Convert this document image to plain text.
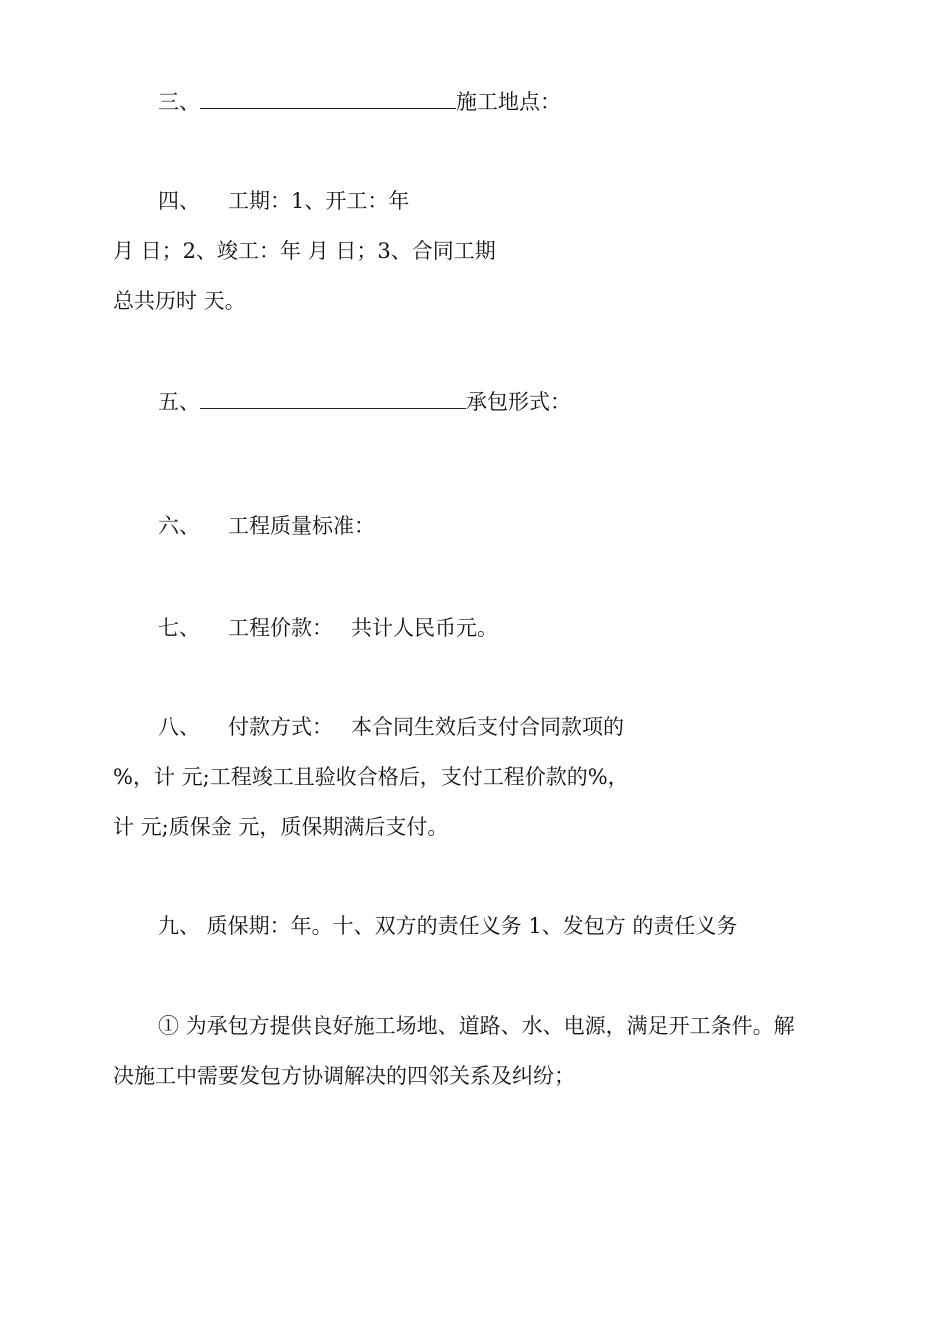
三、	施工地点：
四、 工期：1、开工：年
月 日；2、竣工：年 月 日；3、合同工期
总共历时 天。
五、	承包形式：
六、 工程质量标准：
七、 工程价款： 共计人民币元。
八、 付款方式： 本合同生效后支付合同款项的
%，计 元;工程竣工且验收合格后，支付工程价款的%，
计 元;质保金 元，质保期满后支付。
九、 质保期：年。十、双方的责任义务 1、发包方 的责任义务
① 为承包方提供良好施工场地、道路、水、电源，满足开工条件。解
决施工中需要发包方协调解决的四邻关系及纠纷；
